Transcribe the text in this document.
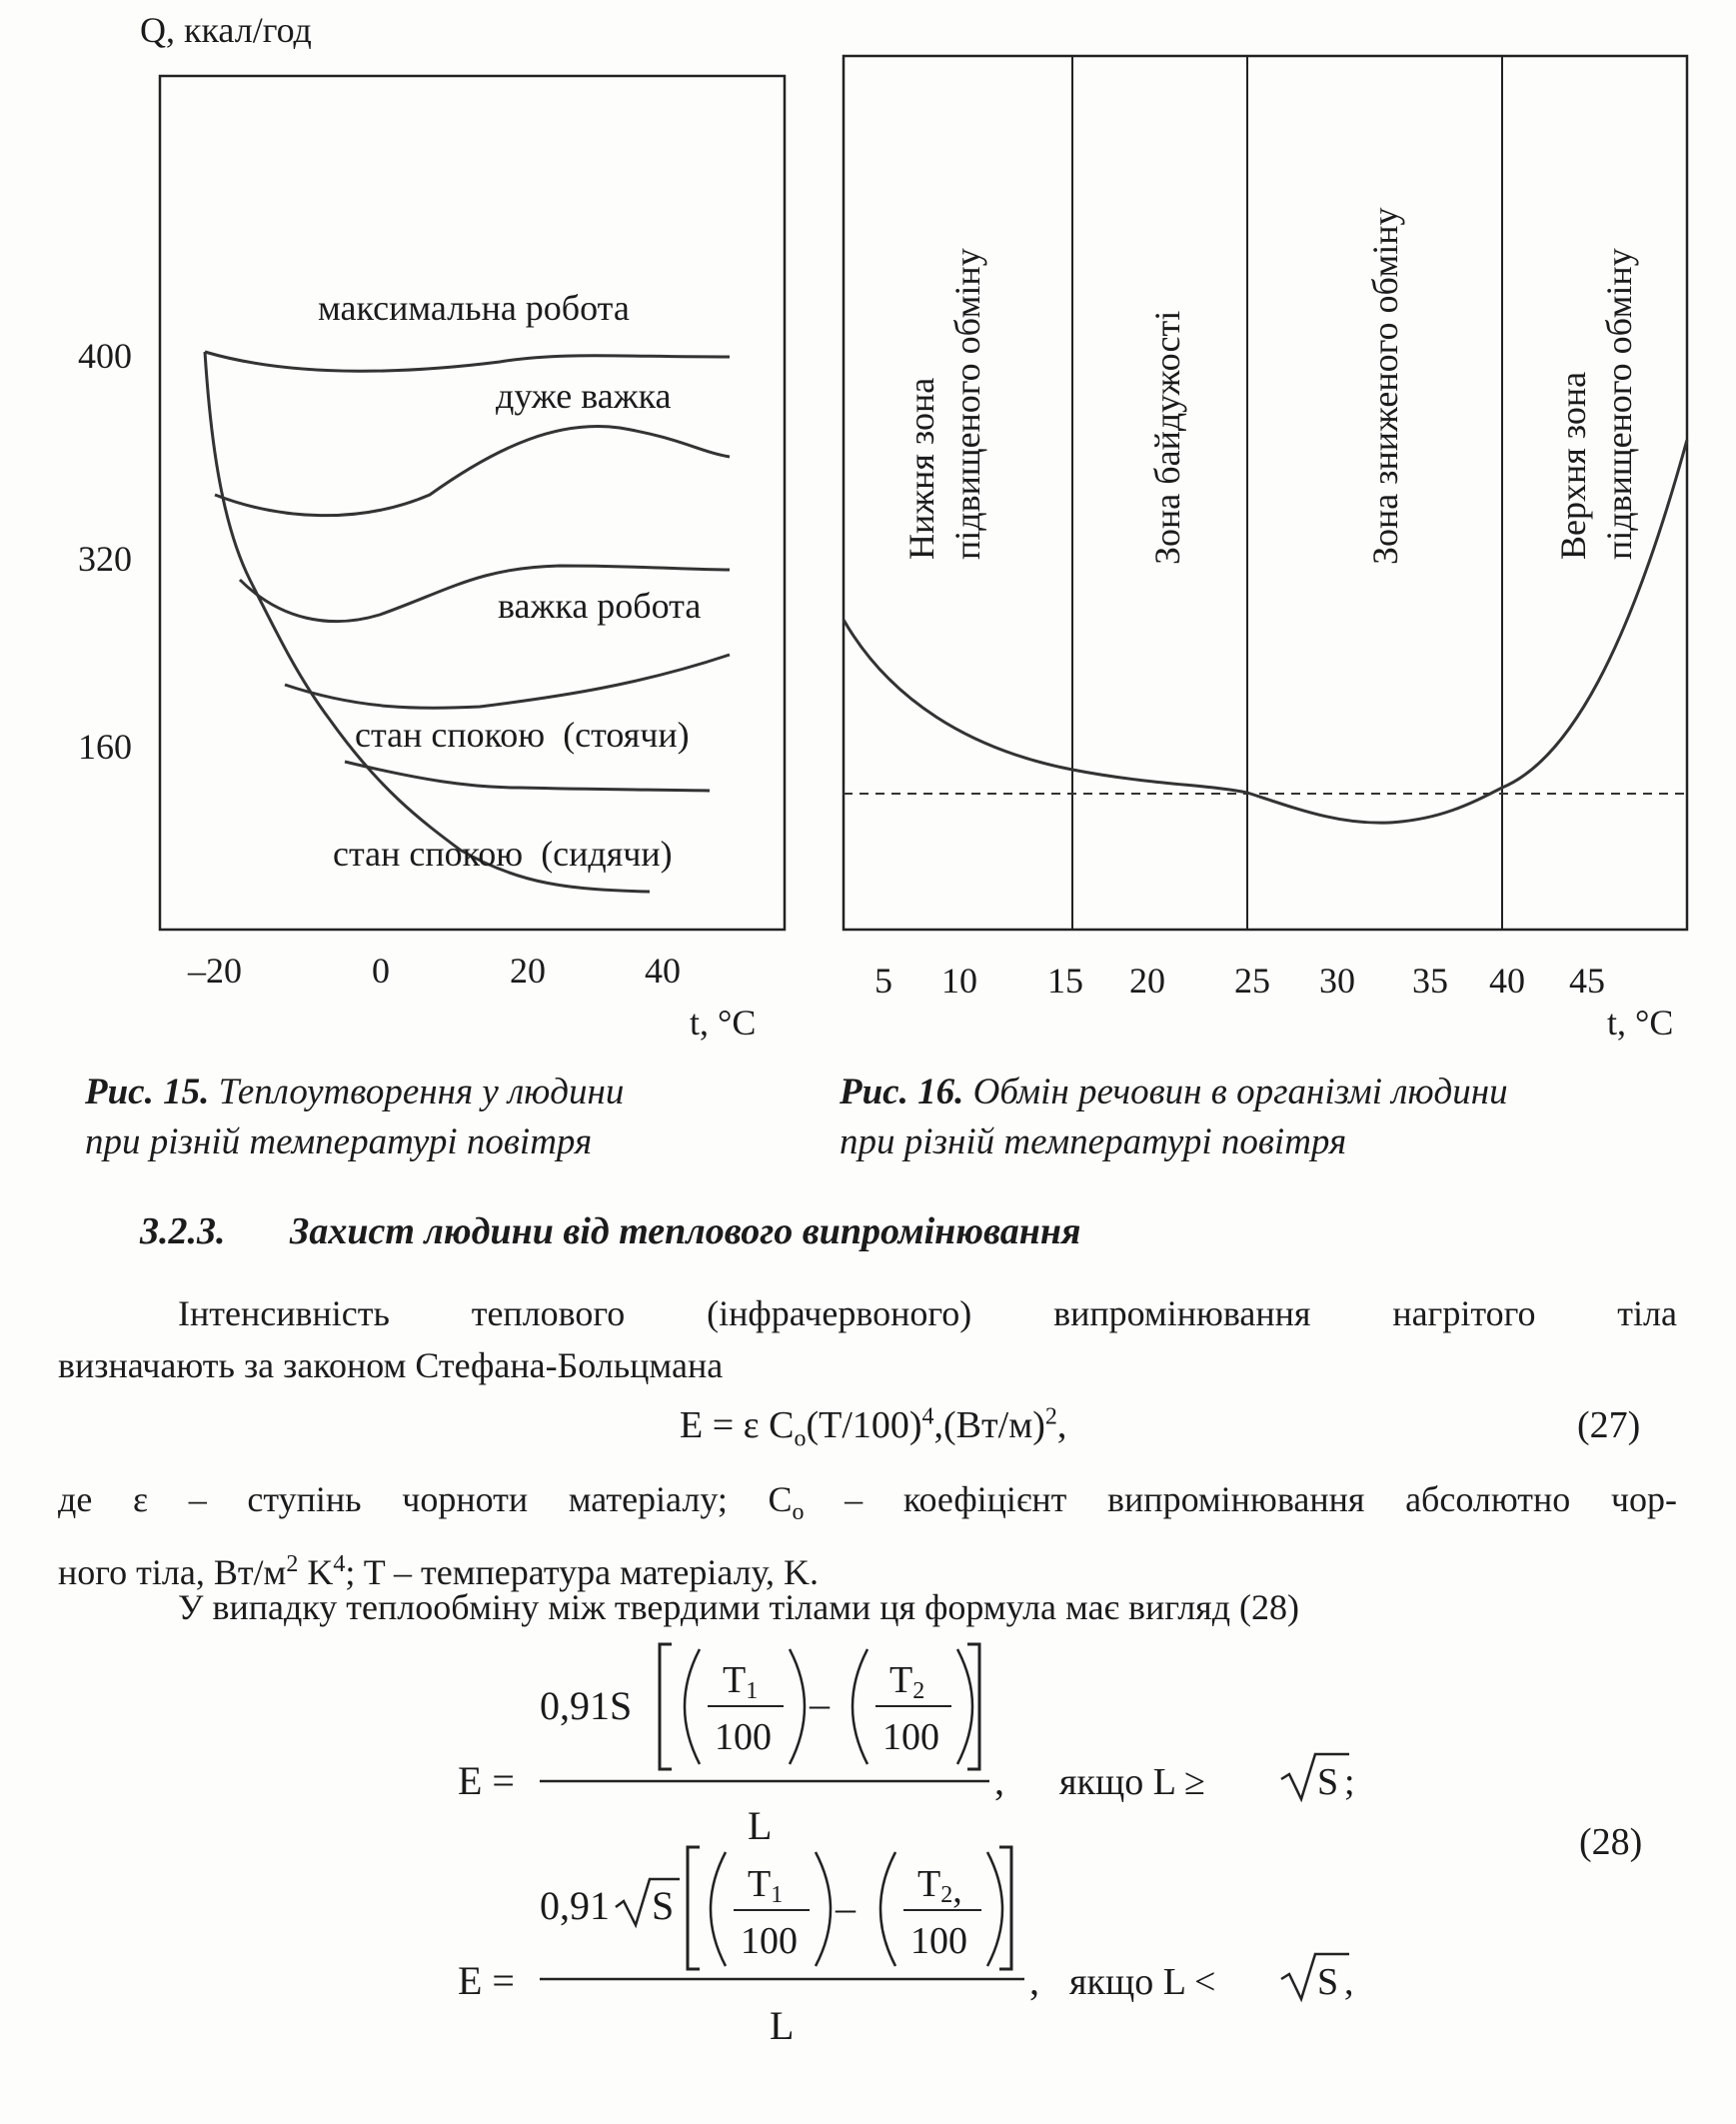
Q, ккал/год
400
320
160
максимальна робота
дуже важка
важка робота
стан спокою  (стоячи)
стан спокою  (сидячи)
–20	0	20	40
t, °C
Нижня зона підвищеного обміну	Зона байдужості	Зона зниженого обміну	Верхня зона підвищеного обміну
5 10 15 20 25 30 35 40 45
t, °C
Рис. 15. Теплоутворення у людини
при різній температурі повітря
Рис. 16. Обмін речовин в організмі людини
при різній температурі повітря
3.2.3. Захист людини від теплового випромінювання
Інтенсивність теплового (інфрачервоного) випромінювання нагрітого тіла
визначають за законом Стефана-Больцмана
E = ε $C_o(T/100)^4,(Вт/м)^2$,	(27)
де ε – ступінь чорноти матеріалу; $C_o$ – коефіцієнт випромінювання абсолютно чор-
ного тіла, $Вт/м^2$ $K^4$; T – температура матеріалу, K.
У випадку теплообміну між твердими тілами ця формула має вигляд (28)
E =
0,91S
L
T1
100
–
T2
100
, якщо L ≥	S ;
(28)
E =
0,91 S
L
T1
100
–
T2,
100
, якщо L <	S ,
